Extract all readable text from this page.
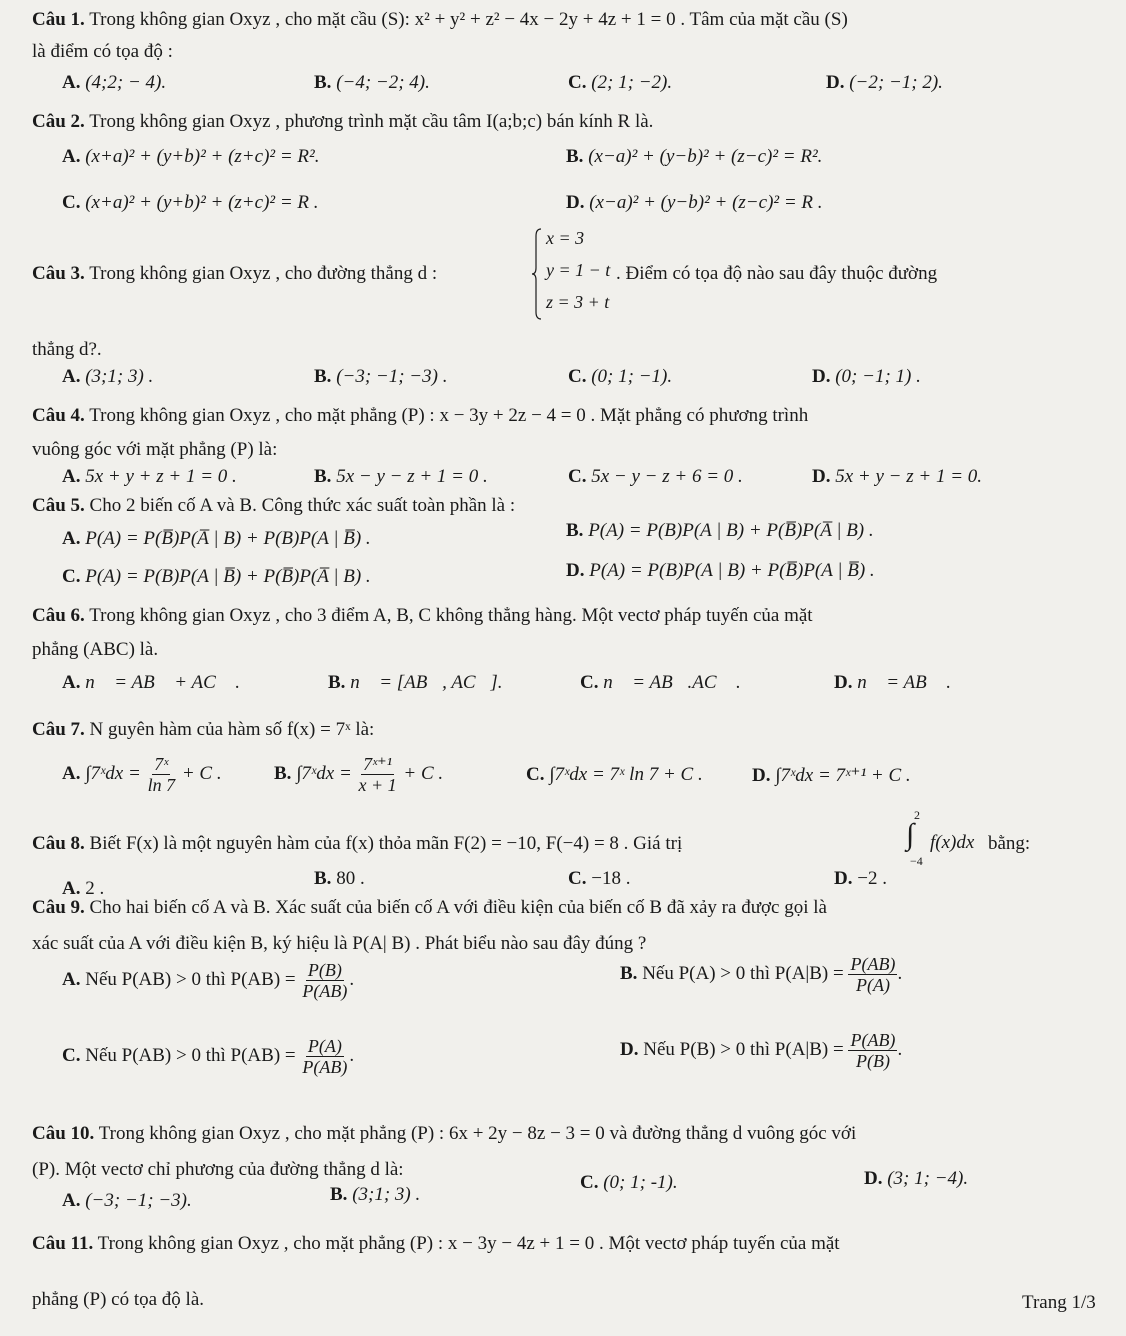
Câu 1. Trong không gian Oxyz , cho mặt cầu (S): x² + y² + z² − 4x − 2y + 4z + 1 = 0 . Tâm của mặt cầu (S)
là điểm có tọa độ :
A. (4;2; − 4).	B. (−4; −2; 4).	C. (2; 1; −2).	D. (−2; −1; 2).
Câu 2. Trong không gian Oxyz , phương trình mặt cầu tâm I(a;b;c) bán kính R là.
A. (x+a)² + (y+b)² + (z+c)² = R².	B. (x−a)² + (y−b)² + (z−c)² = R².
C. (x+a)² + (y+b)² + (z+c)² = R .	D. (x−a)² + (y−b)² + (z−c)² = R .
Câu 3. Trong không gian Oxyz , cho đường thẳng d :
x = 3
y = 1 − t
z = 3 + t
. Điểm có tọa độ nào sau đây thuộc đường
thẳng d?.
A. (3;1; 3) .	B. (−3; −1; −3) .	C. (0; 1; −1).	D. (0; −1; 1) .
Câu 4. Trong không gian Oxyz , cho mặt phẳng (P) : x − 3y + 2z − 4 = 0 . Mặt phẳng có phương trình
vuông góc với mặt phẳng (P) là:
A. 5x + y + z + 1 = 0 .	B. 5x − y − z + 1 = 0 .	C. 5x − y − z + 6 = 0 .	D. 5x + y − z + 1 = 0.
Câu 5. Cho 2 biến cố A và B. Công thức xác suất toàn phần là :
A. P(A) = P(B̅)P(A̅ | B) + P(B)P(A | B̅) .	B. P(A) = P(B)P(A | B) + P(B̅)P(A̅ | B) .
C. P(A) = P(B)P(A | B̅) + P(B̅)P(A̅ | B) .	D. P(A) = P(B)P(A | B) + P(B̅)P(A | B̅) .
Câu 6. Trong không gian Oxyz , cho 3 điểm A, B, C không thẳng hàng. Một vectơ pháp tuyến của mặt
phẳng (ABC) là.
A. n⃗ = AB⃗ + AC⃗ .	B. n⃗ = [AB⃗, AC⃗].	C. n⃗ = AB⃗.AC⃗ .	D. n⃗ = AB⃗ .
Câu 7. N guyên hàm của hàm số f(x) = 7ˣ là:
A. ∫7ˣdx = $\frac{\text{7ˣ}}{\ln 7} + C$ .	B. ∫7ˣdx = $\frac{\text{7ˣ⁺¹}}{x + 1} + C$ .	C. ∫7ˣdx = 7ˣ ln 7 + C .	D. ∫7ˣdx = 7ˣ⁺¹ + C .
Câu 8. Biết F(x) là một nguyên hàm của f(x) thỏa mãn F(2) = −10, F(−4) = 8 . Giá trị
2
∫
−4
f(x)dx bằng:
A. 2 .	B. 80 .	C. −18 .	D. −2 .
Câu 9. Cho hai biến cố A và B. Xác suất của biến cố A với điều kiện của biến cố B đã xảy ra được gọi là
xác suất của A với điều kiện B, ký hiệu là P(A| B) . Phát biểu nào sau đây đúng ?
A. Nếu P(AB) > 0 thì $P(AB) = \frac{P(B)}{P(AB)}$ .	B. Nếu P(A) > 0 thì $P(A|B) = \frac{P(AB)}{P(A)}$ .
C. Nếu P(AB) > 0 thì $P(AB) = \frac{P(A)}{P(AB)}$ .	D. Nếu P(B) > 0 thì $P(A|B) = \frac{P(AB)}{P(B)}$ .
Câu 10. Trong không gian Oxyz , cho mặt phẳng (P) : 6x + 2y − 8z − 3 = 0 và đường thẳng d vuông góc với
(P). Một vectơ chỉ phương của đường thẳng d là:
A. (−3; −1; −3).	B. (3;1; 3) .
C. (0; 1; -1).	D. (3; 1; −4).
Câu 11. Trong không gian Oxyz , cho mặt phẳng (P) : x − 3y − 4z + 1 = 0 . Một vectơ pháp tuyến của mặt
phẳng (P) có tọa độ là.	Trang 1/3
